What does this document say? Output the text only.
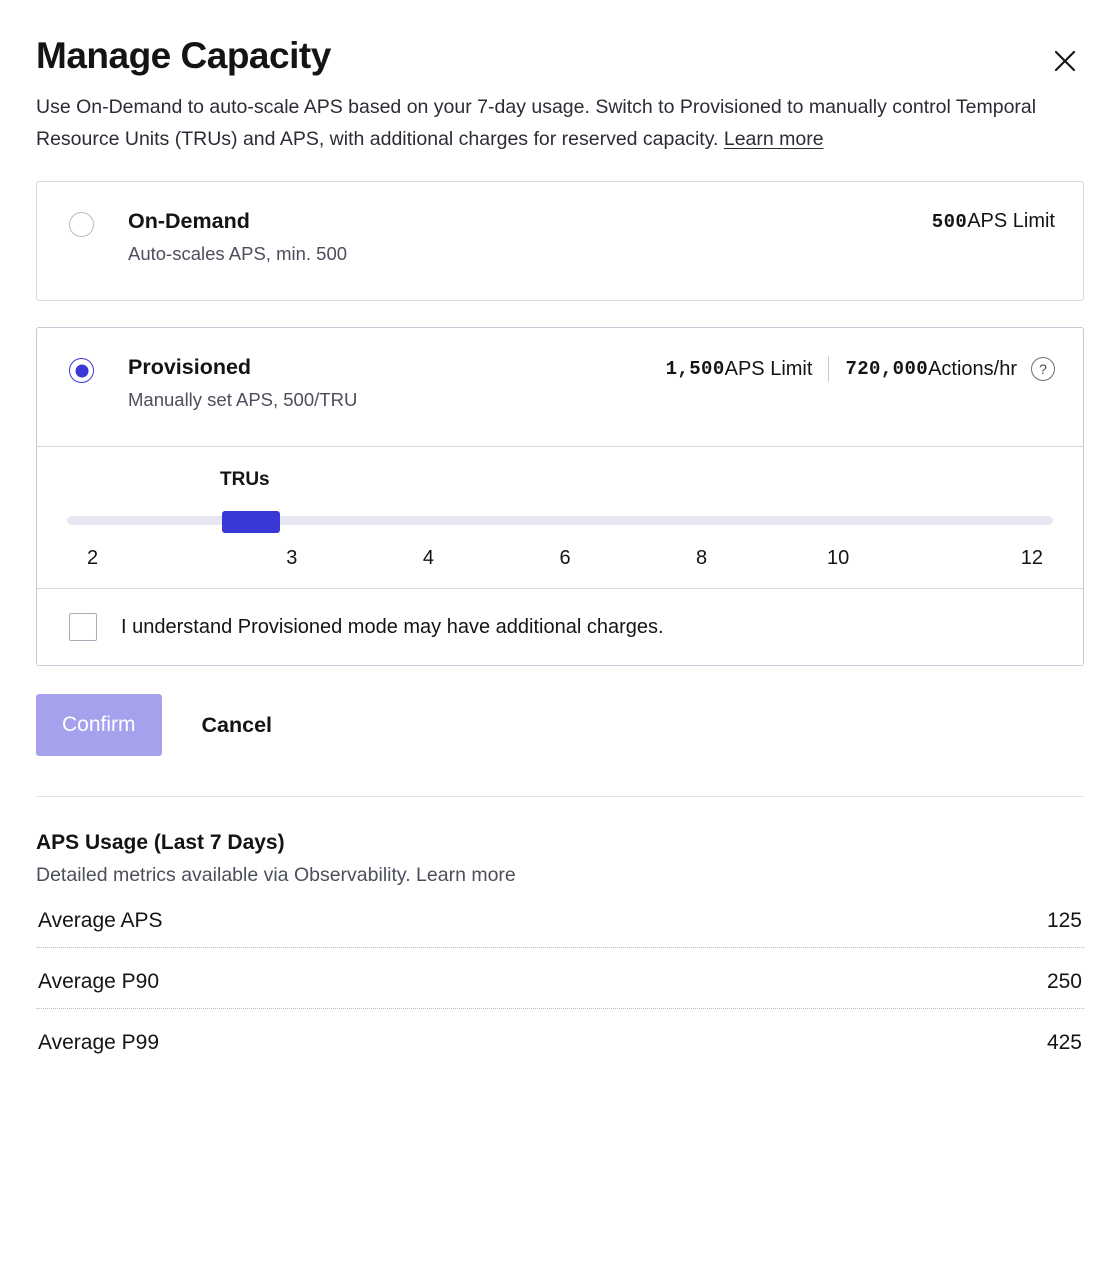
Manage Capacity
Use On-Demand to auto-scale APS based on your 7-day usage. Switch to Provisioned to manually control Temporal Resource Units (TRUs) and APS, with additional charges for reserved capacity. Learn more
On-Demand
Auto-scales APS, min. 500
500 APS Limit
Provisioned
Manually set APS, 500/TRU
1,500 APS Limit 720,000 Actions/hr	?
TRUs
2	3	4	6	8	10	12
I understand Provisioned mode may have additional charges.
Confirm	Cancel
APS Usage (Last 7 Days)
Detailed metrics available via Observability. Learn more
Average APS	125
Average P90	250
Average P99	425
